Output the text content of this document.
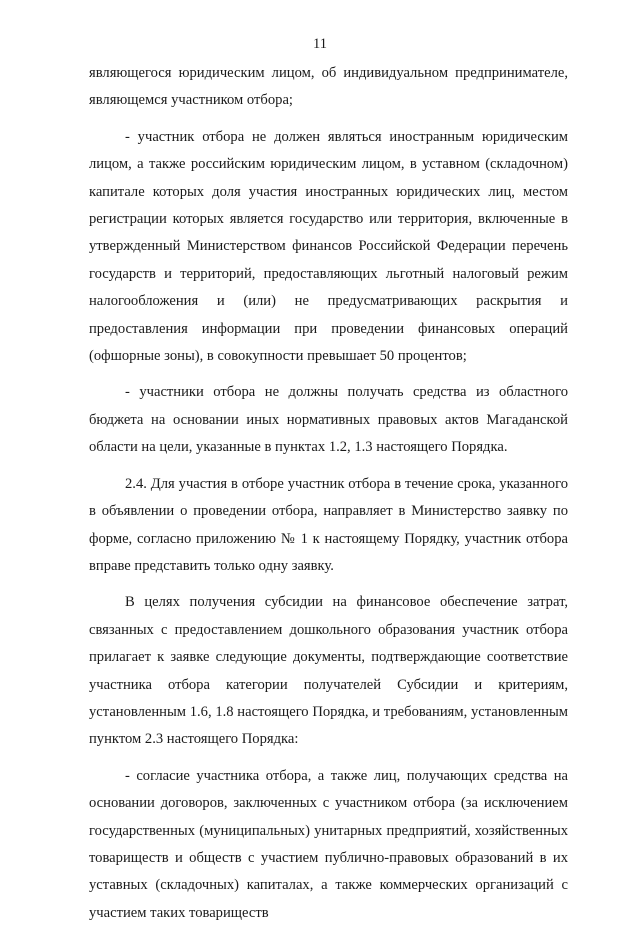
11

являющегося юридическим лицом, об индивидуальном предпринимателе, являющемся участником отбора;

- участник отбора не должен являться иностранным юридическим лицом, а также российским юридическим лицом, в уставном (складочном) капитале которых доля участия иностранных юридических лиц, местом регистрации которых является государство или территория, включенные в утвержденный Министерством финансов Российской Федерации перечень государств и территорий, предоставляющих льготный налоговый режим налогообложения и (или) не предусматривающих раскрытия и предоставления информации при проведении финансовых операций (офшорные зоны), в совокупности превышает 50 процентов;

- участники отбора не должны получать средства из областного бюджета на основании иных нормативных правовых актов Магаданской области на цели, указанные в пунктах 1.2, 1.3 настоящего Порядка.

2.4. Для участия в отборе участник отбора в течение срока, указанного в объявлении о проведении отбора, направляет в Министерство заявку по форме, согласно приложению № 1 к настоящему Порядку, участник отбора вправе представить только одну заявку.

В целях получения субсидии на финансовое обеспечение затрат, связанных с предоставлением дошкольного образования участник отбора прилагает к заявке следующие документы, подтверждающие соответствие участника отбора категории получателей Субсидии и критериям, установленным 1.6, 1.8 настоящего Порядка, и требованиям, установленным пунктом 2.3 настоящего Порядка:

- согласие участника отбора, а также лиц, получающих средства на основании договоров, заключенных с участником отбора (за исключением государственных (муниципальных) унитарных предприятий, хозяйственных товариществ и обществ с участием публично-правовых образований в их уставных (складочных) капиталах, а также коммерческих организаций с участием таких товариществ
